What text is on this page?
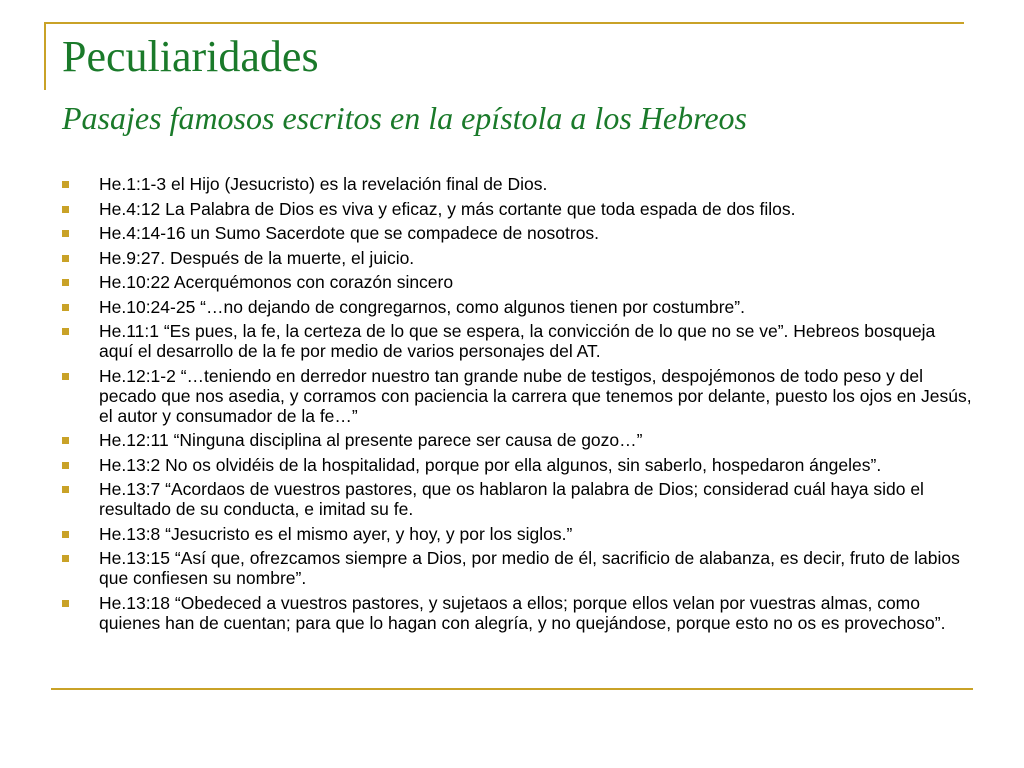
Peculiaridades
Pasajes famosos escritos en la epístola a los Hebreos
He.1:1-3 el Hijo (Jesucristo) es la revelación final de Dios.
He.4:12 La Palabra de Dios es viva y eficaz, y más cortante que toda espada de dos filos.
He.4:14-16 un Sumo Sacerdote que se compadece de nosotros.
He.9:27. Después de la muerte, el juicio.
He.10:22 Acerquémonos con corazón sincero
He.10:24-25 “…no dejando de congregarnos, como algunos tienen por costumbre”.
He.11:1 “Es pues, la fe, la certeza de lo que se espera, la convicción de lo que no se ve”. Hebreos bosqueja aquí el desarrollo de la fe por medio de varios personajes del AT.
He.12:1-2 “…teniendo en derredor nuestro tan grande nube de testigos, despojémonos de todo peso y del pecado que nos asedia, y corramos con paciencia la carrera que tenemos por delante, puesto los ojos en Jesús, el autor y consumador de la fe…”
He.12:11 “Ninguna disciplina al presente parece ser causa de gozo…”
He.13:2 No os olvidéis de la hospitalidad, porque por ella algunos, sin saberlo, hospedaron ángeles”.
He.13:7 “Acordaos de vuestros pastores, que os hablaron la palabra de Dios; considerad cuál haya sido el resultado de su conducta, e imitad su fe.
He.13:8 “Jesucristo es el mismo ayer, y hoy, y por los siglos.”
He.13:15 “Así que, ofrezcamos siempre a Dios, por medio de él, sacrificio de alabanza, es decir, fruto de labios que confiesen su nombre”.
He.13:18 “Obedeced a vuestros pastores, y sujetaos a ellos; porque ellos velan por vuestras almas, como quienes han de cuentan; para que lo hagan con alegría, y no quejándose, porque esto no os es provechoso”.
